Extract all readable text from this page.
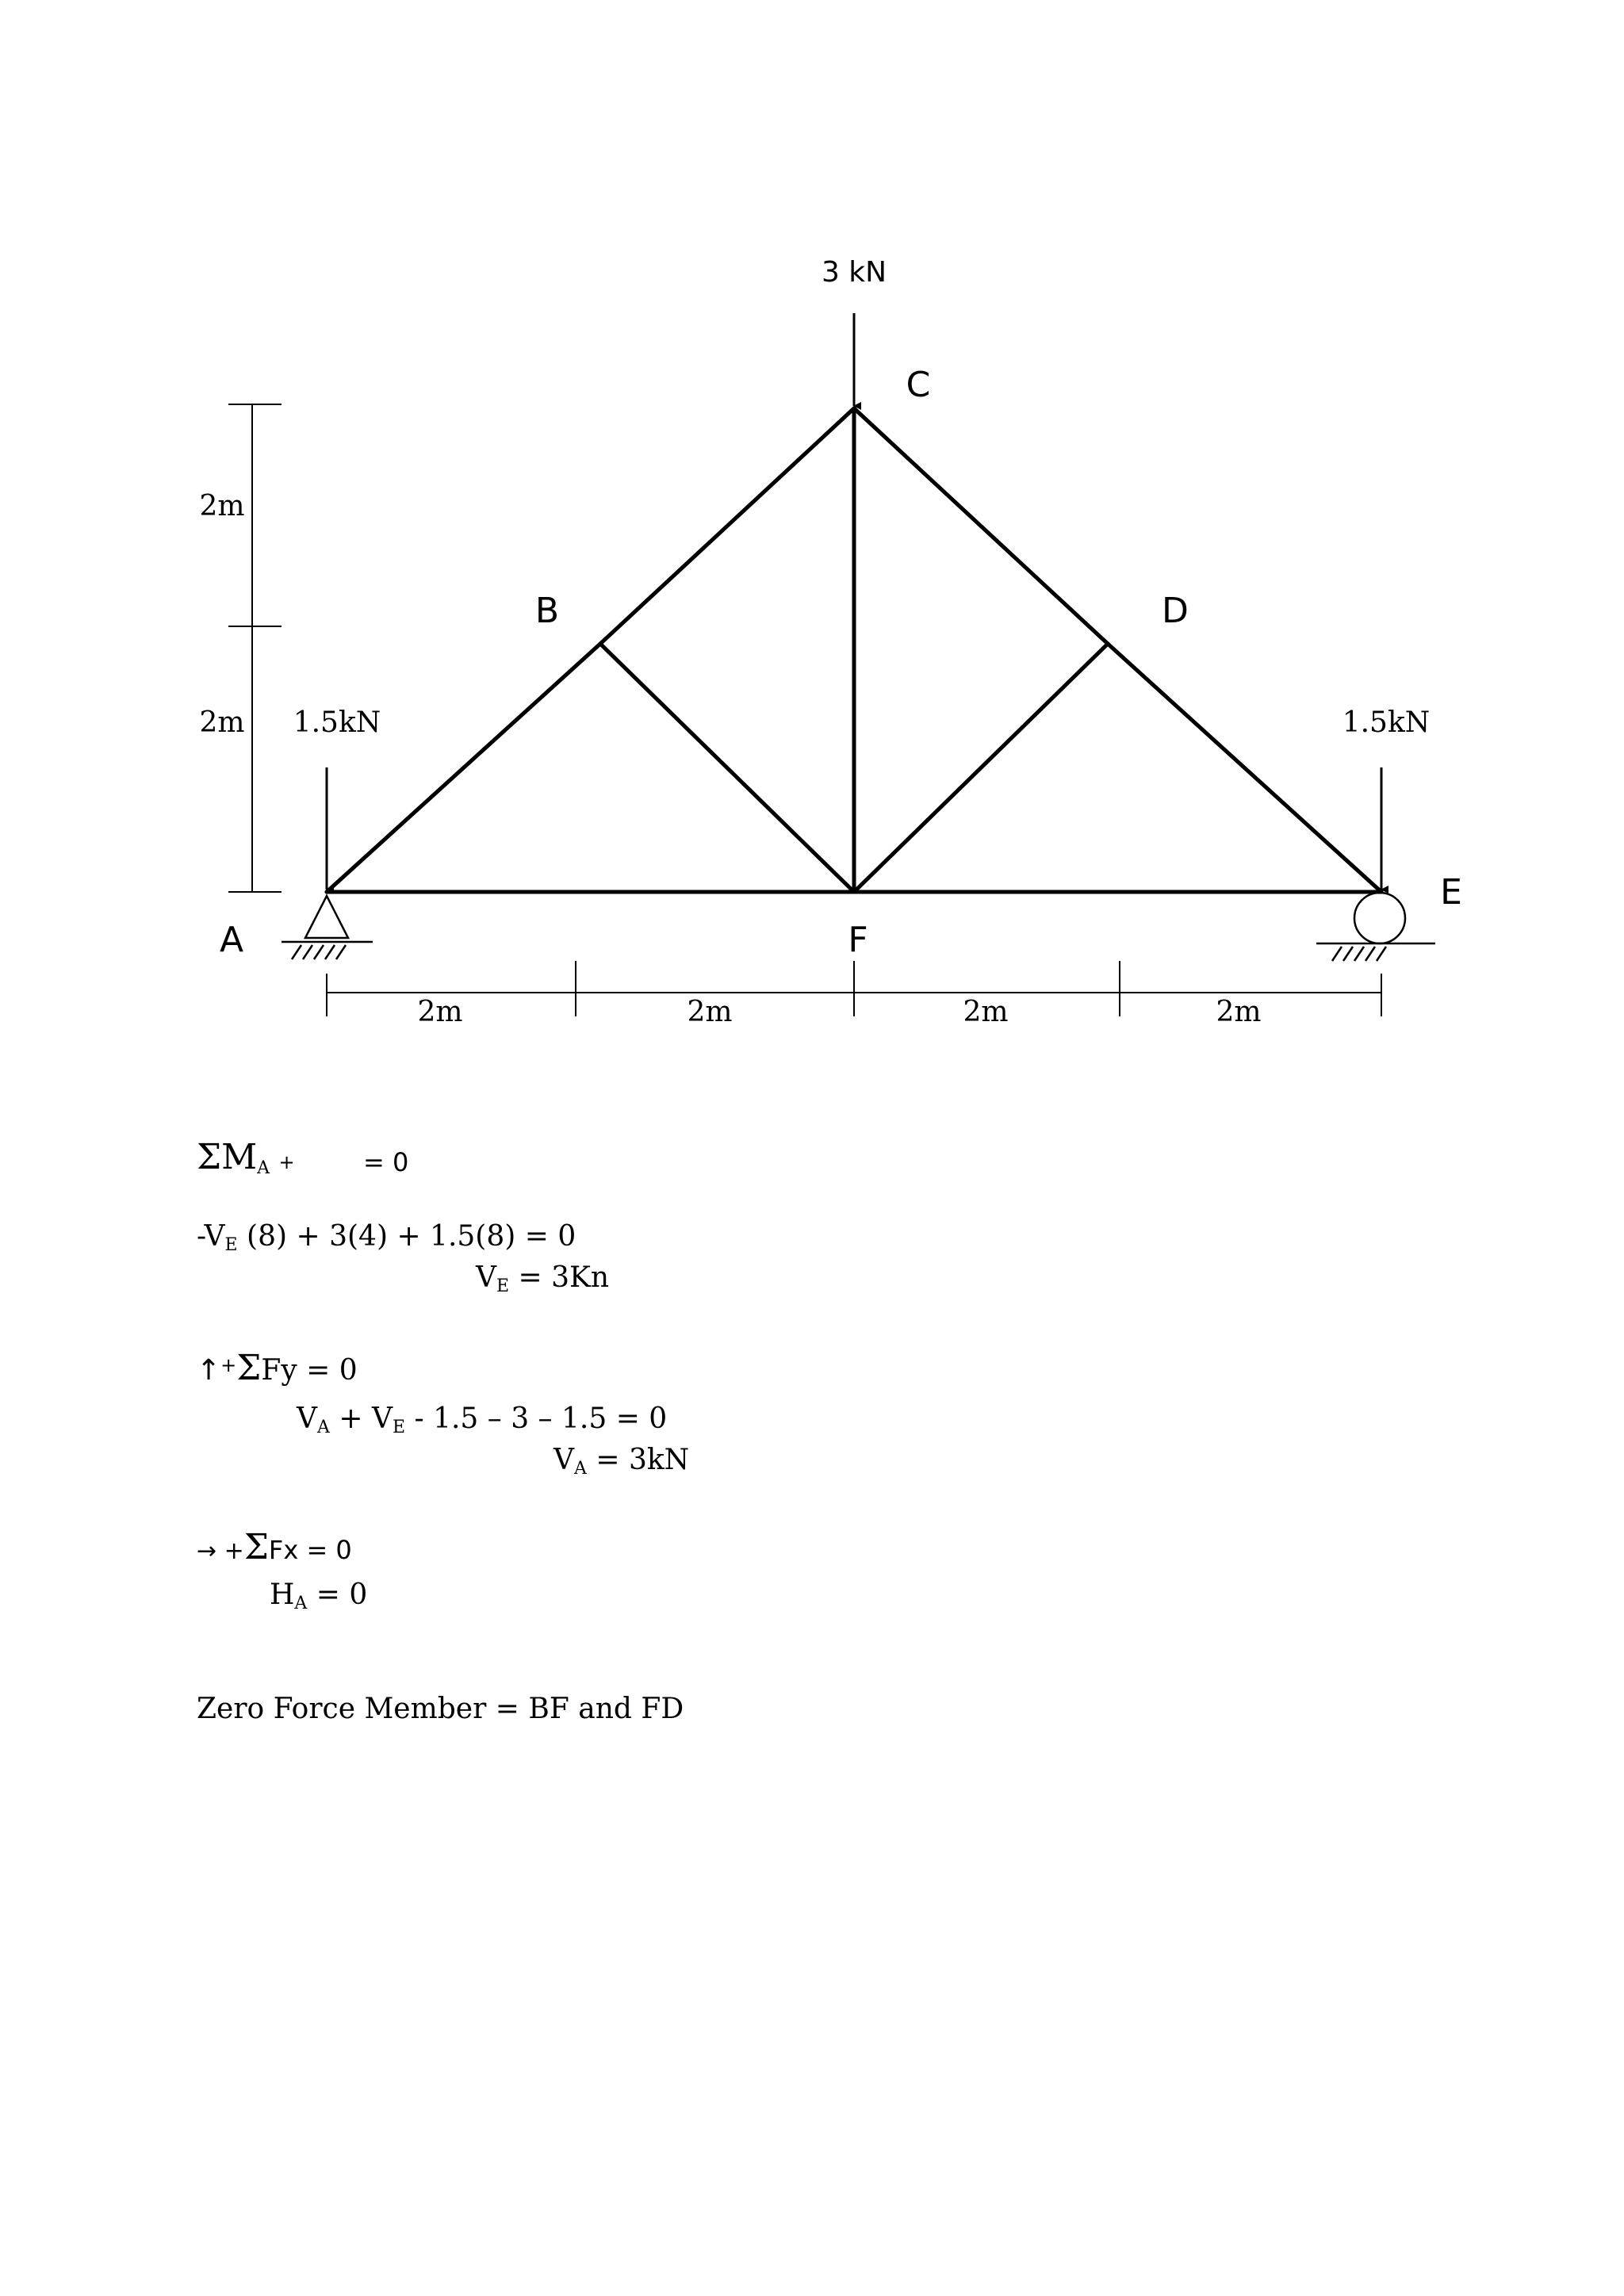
3 kN
1.5kN	1.5kN
A
B
C
D
E
F
2m
2m
2m	2m	2m	2m
$\Sigma M_A$ +	= 0
$-V_E$ (8) + 3(4) + 1.5(8) = 0
$V_E = 3Kn$
↑+ΣFy = 0
$V_A + V_E - 1.5 - 3 - 1.5 = 0$
$V_A = 3kN$
→ +ΣFx = 0
$H_A = 0$
Zero Force Member = BF and FD
